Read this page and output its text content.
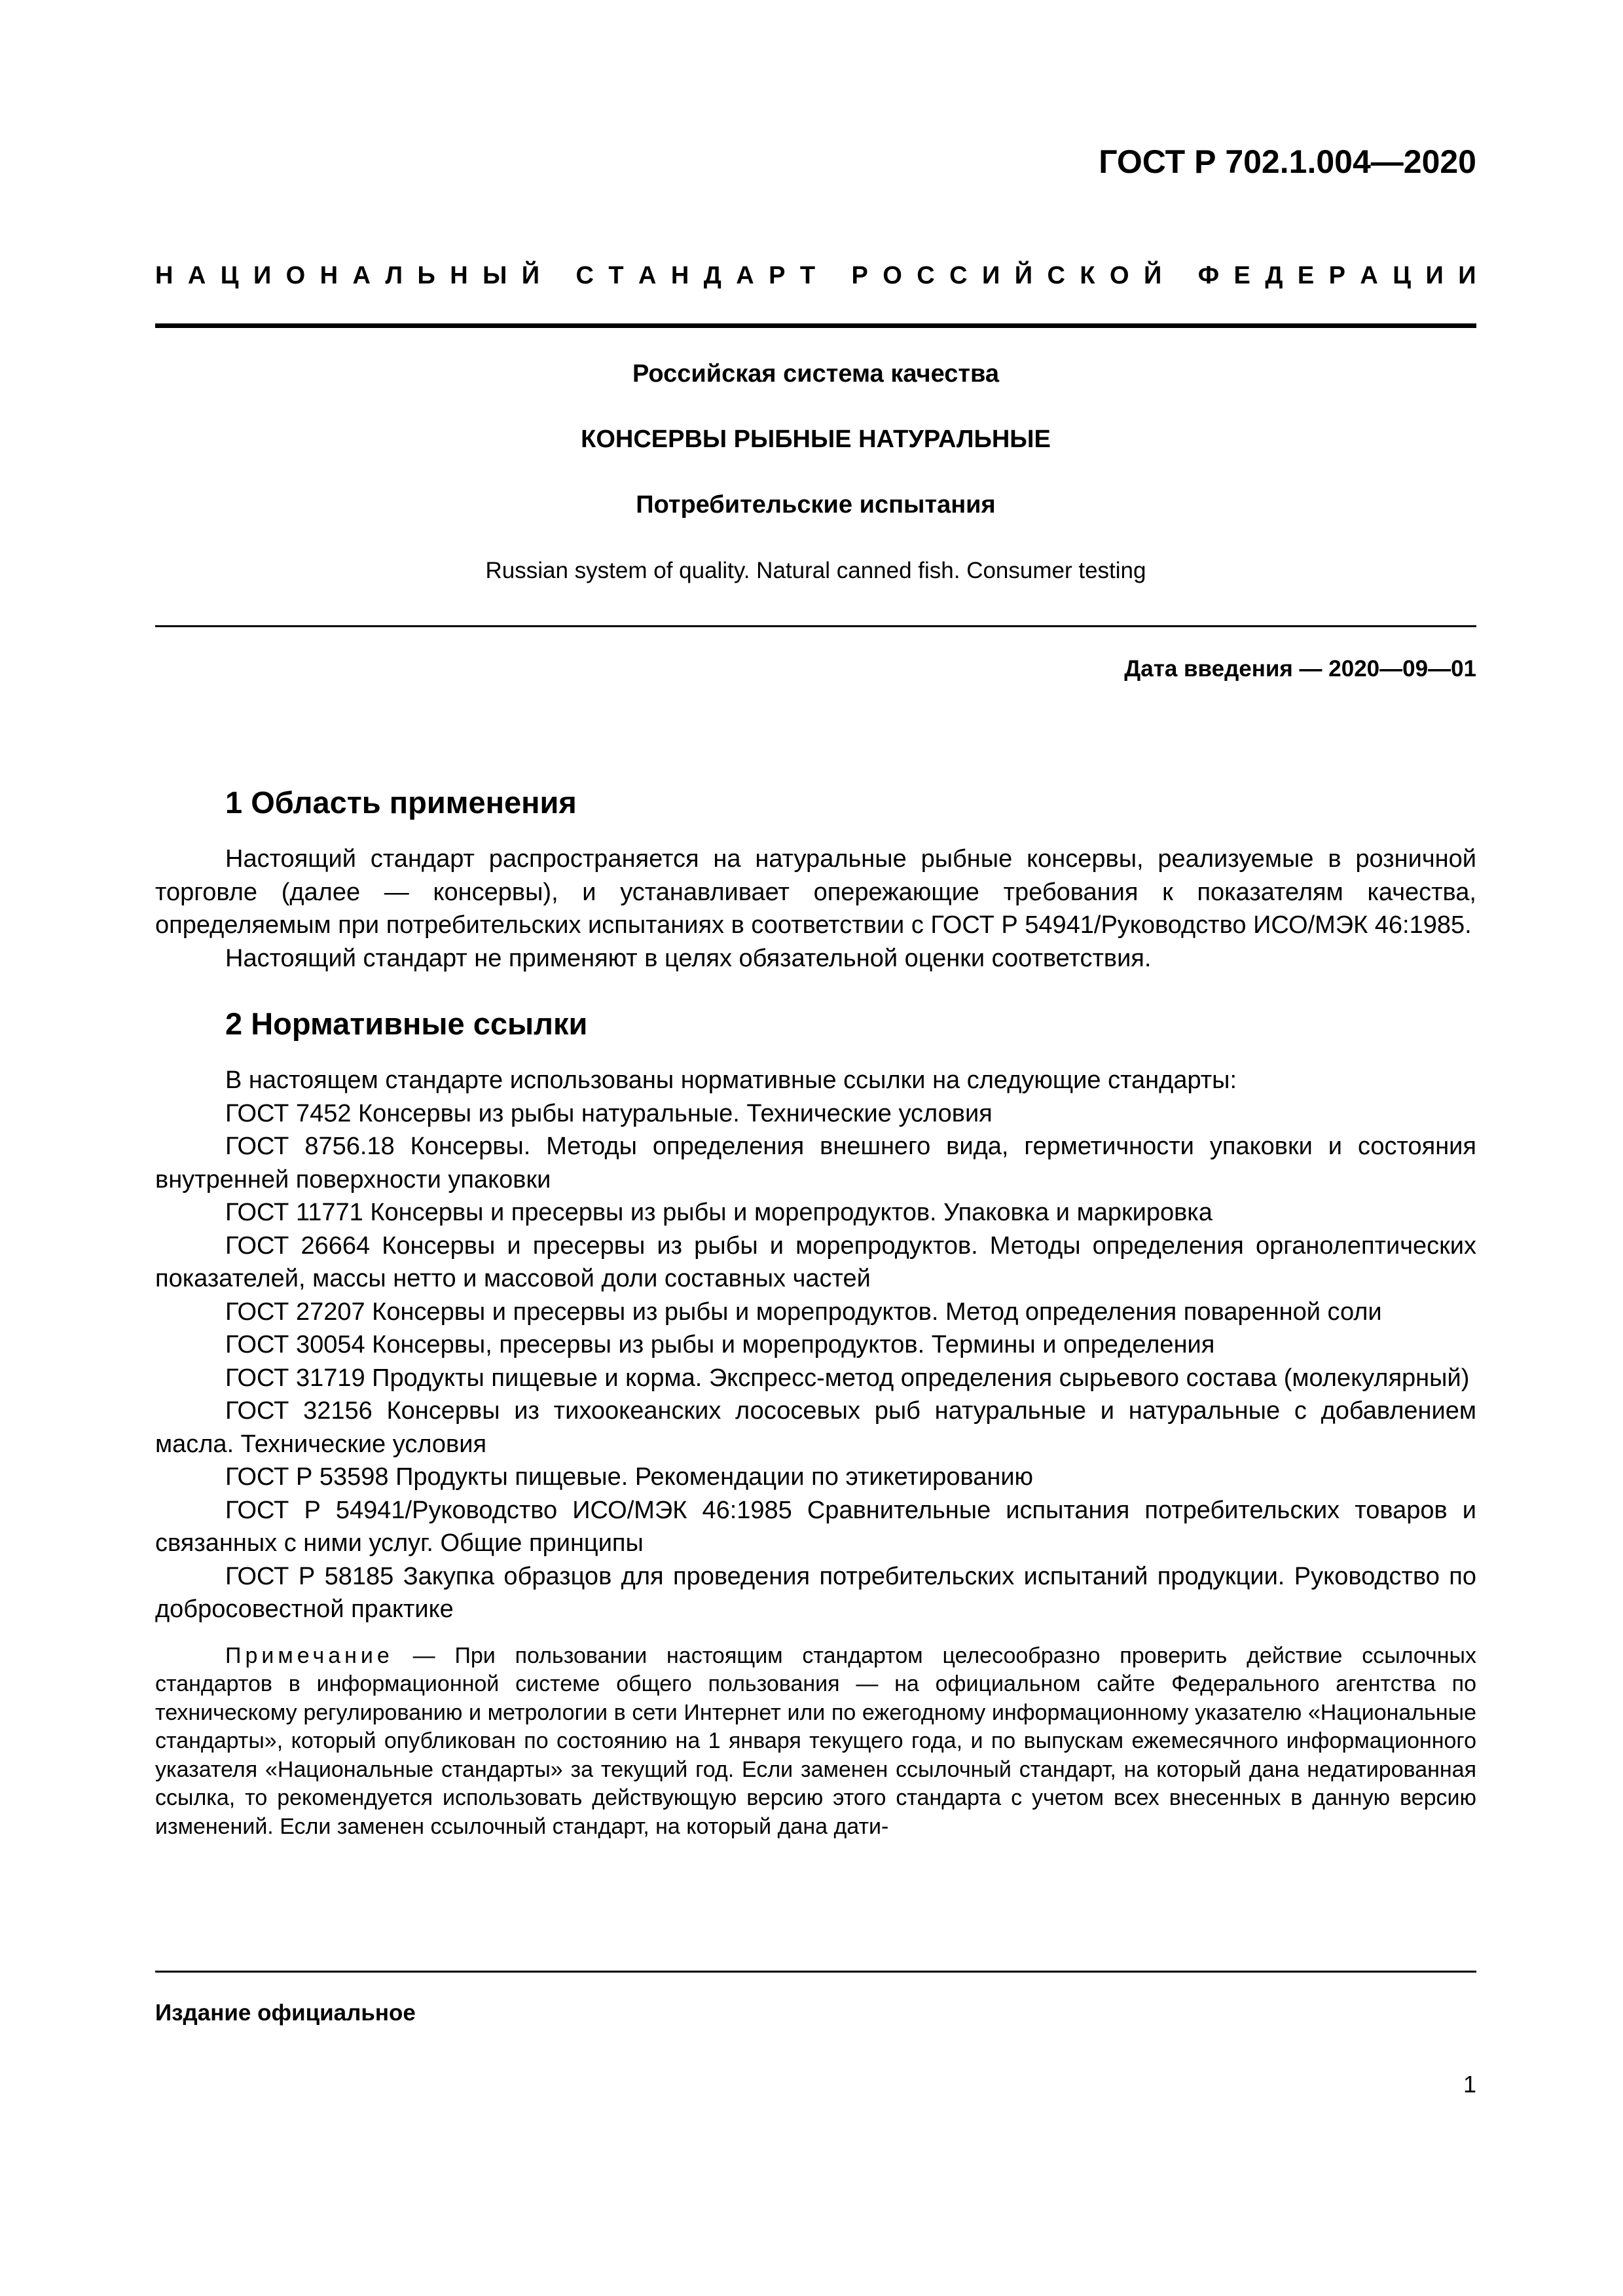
ГОСТ Р 702.1.004—2020
Н А Ц И О Н А Л Ь Н Ы Й
С Т А Н Д А Р Т
Р О С С И Й С К О Й
Ф Е Д Е Р А Ц И И
Российская система качества
КОНСЕРВЫ РЫБНЫЕ НАТУРАЛЬНЫЕ
Потребительские испытания
Russian system of quality. Natural canned fish. Consumer testing
Дата введения — 2020—09—01
1 Область применения

Настоящий стандарт распространяется на натуральные рыбные консервы, реализуемые в розничной торговле (далее — консервы), и устанавливает опережающие требования к показателям качества, определяемым при потребительских испытаниях в соответствии с ГОСТ Р 54941/Руководство ИСО/МЭК 46:1985.

Настоящий стандарт не применяют в целях обязательной оценки соответствия.

2 Нормативные ссылки

В настоящем стандарте использованы нормативные ссылки на следующие стандарты:

ГОСТ 7452 Консервы из рыбы натуральные. Технические условия

ГОСТ 8756.18 Консервы. Методы определения внешнего вида, герметичности упаковки и состояния внутренней поверхности упаковки

ГОСТ 11771 Консервы и пресервы из рыбы и морепродуктов. Упаковка и маркировка

ГОСТ 26664 Консервы и пресервы из рыбы и морепродуктов. Методы определения органолептических показателей, массы нетто и массовой доли составных частей

ГОСТ 27207 Консервы и пресервы из рыбы и морепродуктов. Метод определения поваренной соли

ГОСТ 30054 Консервы, пресервы из рыбы и морепродуктов. Термины и определения

ГОСТ 31719 Продукты пищевые и корма. Экспресс-метод определения сырьевого состава (молекулярный)

ГОСТ 32156 Консервы из тихоокеанских лососевых рыб натуральные и натуральные с добавлением масла. Технические условия

ГОСТ Р 53598 Продукты пищевые. Рекомендации по этикетированию

ГОСТ Р 54941/Руководство ИСО/МЭК 46:1985 Сравнительные испытания потребительских товаров и связанных с ними услуг. Общие принципы

ГОСТ Р 58185 Закупка образцов для проведения потребительских испытаний продукции. Руководство по добросовестной практике

Примечание — При пользовании настоящим стандартом целесообразно проверить действие ссылочных стандартов в информационной системе общего пользования — на официальном сайте Федерального агентства по техническому регулированию и метрологии в сети Интернет или по ежегодному информационному указателю «Национальные стандарты», который опубликован по состоянию на 1 января текущего года, и по выпускам ежемесячного информационного указателя «Национальные стандарты» за текущий год. Если заменен ссылочный стандарт, на который дана недатированная ссылка, то рекомендуется использовать действующую версию этого стандарта с учетом всех внесенных в данную версию изменений. Если заменен ссылочный стандарт, на который дана дати-
Издание официальное
1
